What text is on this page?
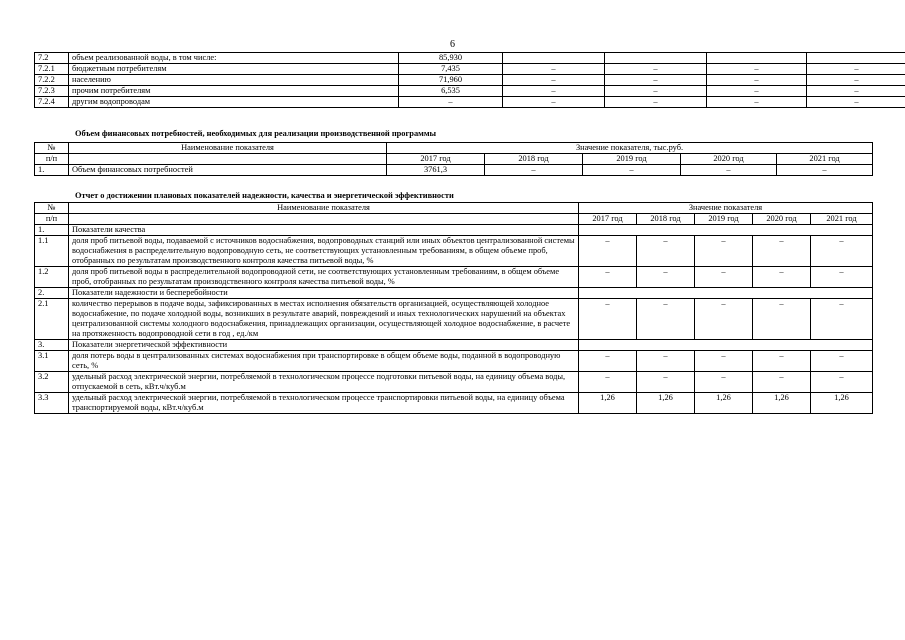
6
7.2	объем реализованной воды, в том числе:	85,930				
7.2.1	бюджетным потребителям	7,435	–	–	–	–
7.2.2	населению	71,960	–	–	–	–
7.2.3	прочим потребителям	6,535	–	–	–	–
7.2.4	другим водопроводам	–	–	–	–	–
Объем финансовых потребностей, необходимых для реализации производственной программы
№	Наименование показателя	Значение показателя, тыс.руб.				
п/п		2017 год	2018 год	2019 год	2020 год	2021 год
1.	Объем финансовых потребностей	3761,3	–	–	–	–
Отчет о достижении плановых показателей надежности, качества и энергетической эффективности
№	Наименование показателя	Значение показателя				
п/п		2017 год	2018 год	2019 год	2020 год	2021 год
1.	Показатели качества					
1.1	доля проб питьевой воды, подаваемой с источников водоснабжения, водопроводных станций или иных объектов централизованной системы водоснабжения в распределительную водопроводную сеть, не соответствующих установленным требованиям, в общем объеме проб, отобранных по результатам производственного контроля качества питьевой воды, %	–	–	–	–	–
1.2	доля проб питьевой воды в распределительной водопроводной сети, не соответствующих установленным требованиям, в общем объеме проб, отобранных по результатам производственного контроля качества питьевой воды, %	–	–	–	–	–
2.	Показатели надежности и бесперебойности					
2.1	количество перерывов в подаче воды, зафиксированных в местах исполнения обязательств организацией, осуществляющей холодное водоснабжение, по подаче холодной воды, возникших в результате аварий, повреждений и иных технологических нарушений на объектах централизованной системы холодного водоснабжения, принадлежащих организации, осуществляющей холодное водоснабжение, в расчете на протяженность водопроводной сети в год , ед./км	–	–	–	–	–
3.	Показатели энергетической эффективности					
3.1	доля потерь воды в централизованных системах водоснабжения при транспортировке в общем объеме воды, поданной в водопроводную сеть, %	–	–	–	–	–
3.2	удельный расход электрической энергии, потребляемой в технологическом процессе подготовки питьевой воды, на единицу объема воды, отпускаемой в сеть, кВт.ч/куб.м	–	–	–	–	–
3.3	удельный расход электрической энергии, потребляемой в технологическом процессе транспортировки питьевой воды, на единицу объема транспортируемой воды, кВт.ч/куб.м	1,26	1,26	1,26	1,26	1,26
